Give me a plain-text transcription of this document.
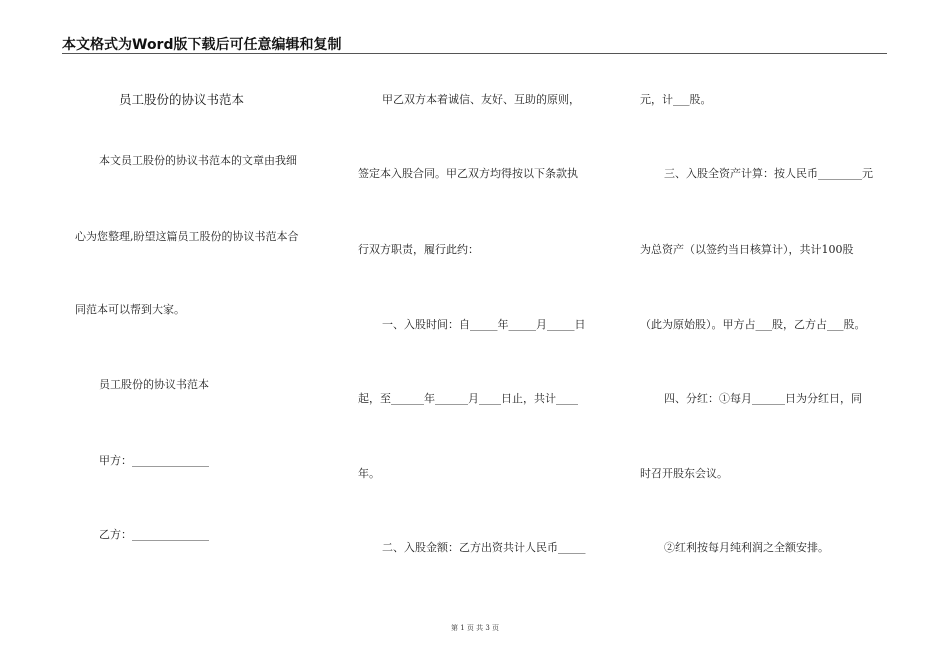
本文格式为Word版下载后可任意编辑和复制
员工股份的协议书范本
本文员工股份的协议书范本的文章由我细
心为您整理,盼望这篇员工股份的协议书范本合
同范本可以帮到大家。
员工股份的协议书范本
甲方：______________
乙方：______________
甲乙双方本着诚信、友好、互助的原则，
签定本入股合同。甲乙双方均得按以下条款执
行双方职责，履行此约：
一、入股时间：自_____年_____月_____日
起，至______年______月____日止，共计____
年。
二、入股金额：乙方出资共计人民币_____
元，计___股。
三、入股全资产计算：按人民币________元
为总资产（以签约当日核算计），共计100股
（此为原始股）。甲方占___股，乙方占___股。
四、分红：①每月______日为分红日，同
时召开股东会议。
②红利按每月纯利润之全额安排。
第 1 页 共 3 页
